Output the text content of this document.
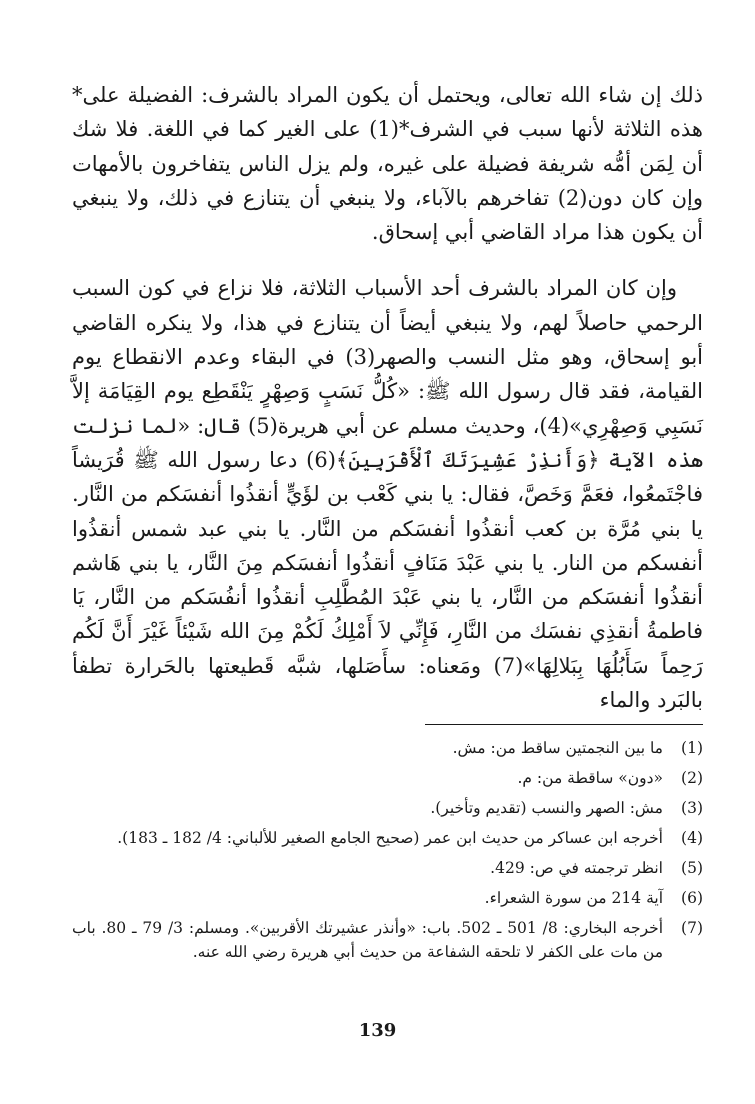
ذلك إن شاء الله تعالى، ويحتمل أن يكون المراد بالشرف: الفضيلة على* هذه الثلاثة لأنها سبب في الشرف*(1) على الغير كما في اللغة. فلا شك أن لِمَن أمُّه شريفة فضيلة على غيره، ولم يزل الناس يتفاخرون بالأمهات وإن كان دون(2) تفاخرهم بالآباء، ولا ينبغي أن يتنازع في ذلك، ولا ينبغي أن يكون هذا مراد القاضي أبي إسحاق.

وإن كان المراد بالشرف أحد الأسباب الثلاثة، فلا نزاع في كون السبب الرحمي حاصلاً لهم، ولا ينبغي أيضاً أن يتنازع في هذا، ولا ينكره القاضي أبو إسحاق، وهو مثل النسب والصهر(3) في البقاء وعدم الانقطاع يوم القيامة، فقد قال رسول الله ﷺ: «كُلُّ نَسَبٍ وَصِهْرٍ يَنْقَطِع يوم القِيَامَة إلاَّ نَسَبِي وَصِهْرِي»(4)، وحديث مسلم عن أبي هريرة(5) قال: «لما نزلت هذه الآية ﴿وَأَنذِرْ عَشِيرَتَكَ ٱلْأَقْرَبِينَ﴾(6) دعا رسول الله ﷺ قُرَيشاً فاجْتَمعُوا، فعَمَّ وَخَصَّ، فقال: يا بني كَعْب بن لؤَيٍّ أنقذُوا أنفسَكم من النَّار. يا بني مُرَّة بن كعب أنقذُوا أنفسَكم من النَّار. يا بني عبد شمس أنقذُوا أنفسكم من النار. يا بني عَبْدَ مَنَافٍ أنقذُوا أنفسَكم مِنَ النَّار، يا بني هَاشم أنقذُوا أنفسَكم من النَّار، يا بني عَبْدَ المُطَّلِبِ أنقذُوا أنفُسَكم من النَّار، يَا فاطمةُ أنقذِي نفسَك من النَّارِ، فَإِنِّي لاَ أَمْلِكُ لَكُمْ مِنَ الله شَيْئاً غَيْرَ أَنَّ لَكُم رَحِماً سَأَبُلُهَا بِبَلالِهَا»(7) ومَعناه: سأَصَلها، شبَّه قَطيعتها بالحَرارة تطفأ بالبَرد والماء

(1)
ما بين النجمتين ساقط من: مش.
(2)
«دون» ساقطة من: م.
(3)
مش: الصهر والنسب (تقديم وتأخير).
(4)
أخرجه ابن عساكر من حديث ابن عمر (صحيح الجامع الصغير للألباني: 4/ 182 ـ 183).
(5)
انظر ترجمته في ص: 429.
(6)
آية 214 من سورة الشعراء.
(7)
أخرجه البخاري: 8/ 501 ـ 502. باب: «وأنذر عشيرتك الأقربين». ومسلم: 3/ 79 ـ 80. باب من مات على الكفر لا تلحقه الشفاعة من حديث أبي هريرة رضي الله عنه.
139
